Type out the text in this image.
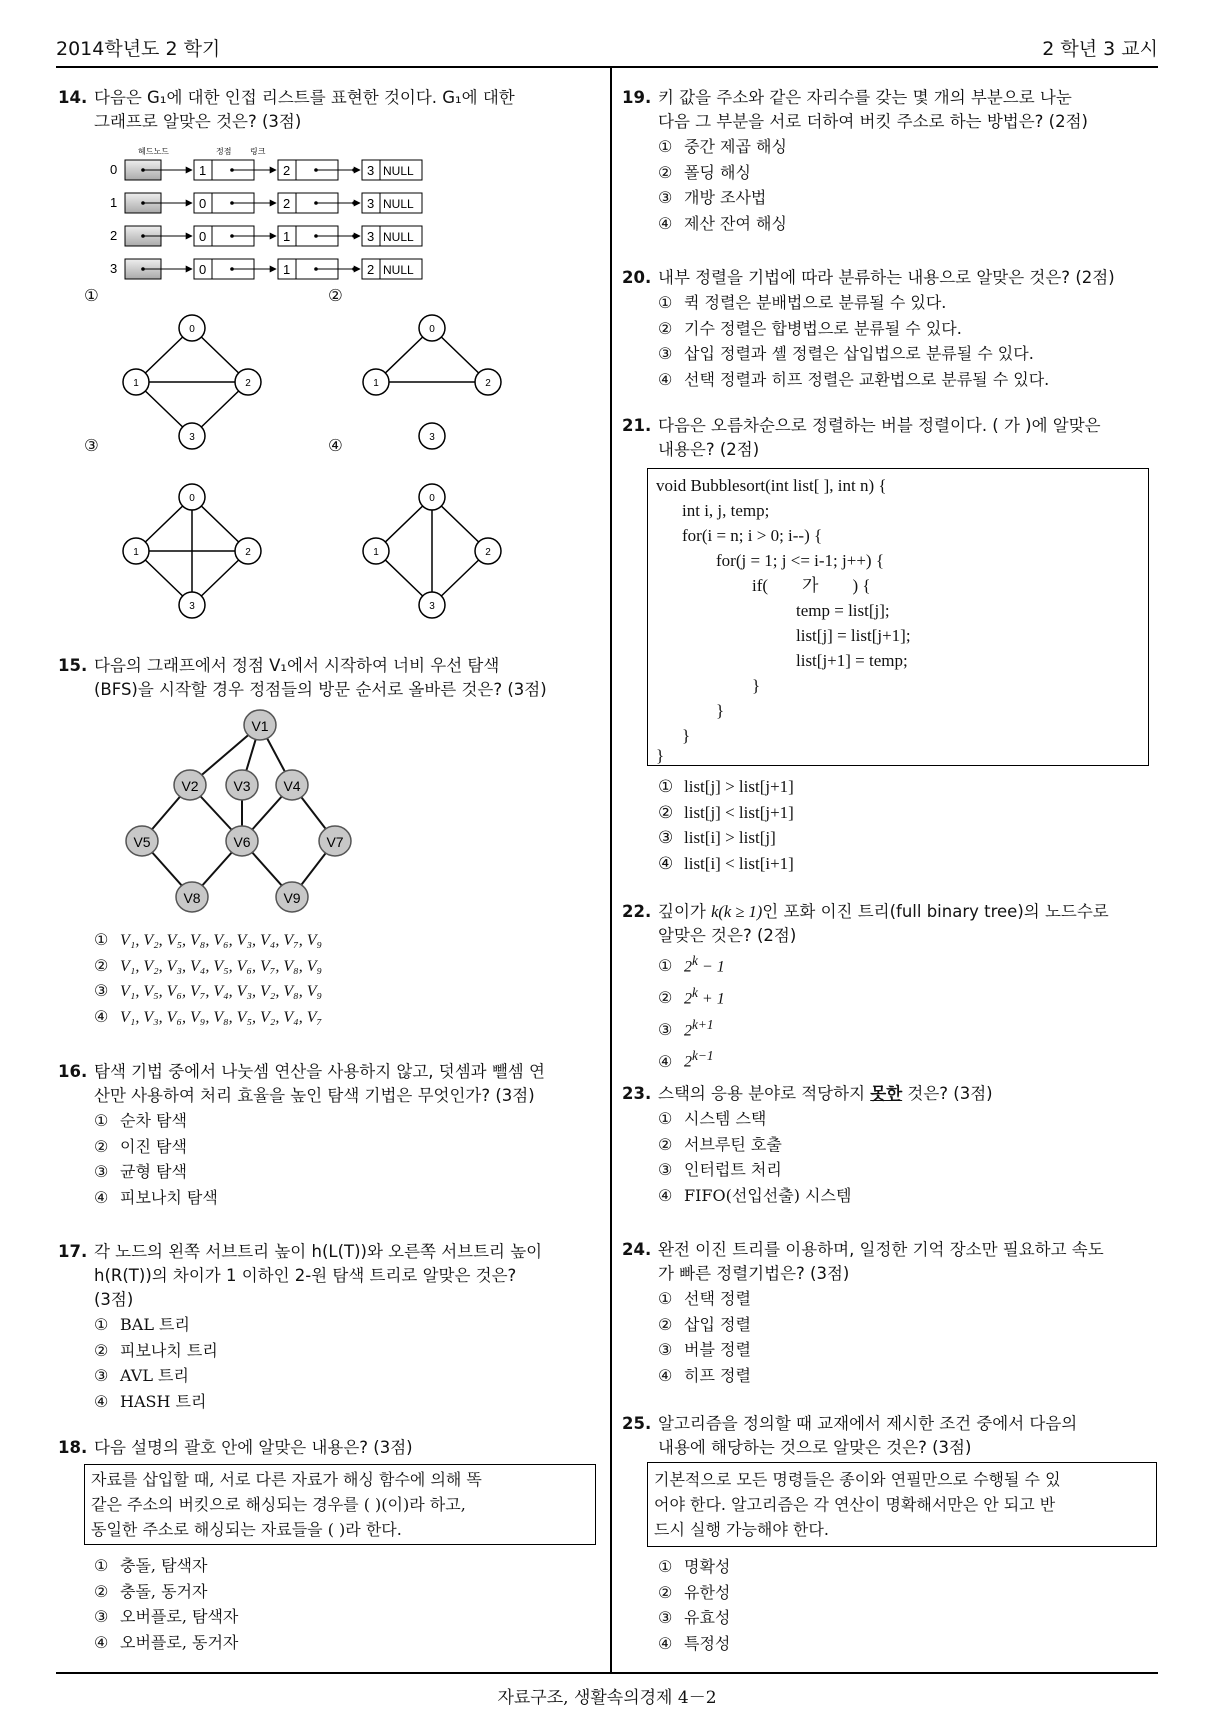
2014학년도 2 학기	2 학년 3 교시
14. 다음은 G₁에 대한 인접 리스트를 표현한 것이다. G₁에 대한
그래프로 알맞은 것은? (3점)
헤드노드	정점 링크
0	1	2	3 NULL
1	0	2	3 NULL
2	0	1	3 NULL
3	0	1	2 NULL
①	②
③	④
0
1	2
3
0
1	2
3
0
1	2
3
0
1	2
3
15. 다음의 그래프에서 정점 V₁에서 시작하여 너비 우선 탐색
(BFS)을 시작할 경우 정점들의 방문 순서로 올바른 것은? (3점)
V1
V2 V3 V4
V5	V6	V7
V8	V9
① V₁, V₂, V₅, V₈, V₆, V₃, V₄, V₇, V₉
② V₁, V₂, V₃, V₄, V₅, V₆, V₇, V₈, V₉
③ V₁, V₅, V₆, V₇, V₄, V₃, V₂, V₈, V₉
④ V₁, V₃, V₆, V₉, V₈, V₅, V₂, V₄, V₇
16. 탐색 기법 중에서 나눗셈 연산을 사용하지 않고, 덧셈과 뺄셈 연
산만 사용하여 처리 효율을 높인 탐색 기법은 무엇인가? (3점)
① 순차 탐색
② 이진 탐색
③ 균형 탐색
④ 피보나치 탐색
17. 각 노드의 왼쪽 서브트리 높이 h(L(T))와 오른쪽 서브트리 높이
h(R(T))의 차이가 1 이하인 2-원 탐색 트리로 알맞은 것은?
(3점)
① BAL 트리
② 피보나치 트리
③ AVL 트리
④ HASH 트리
18. 다음 설명의 괄호 안에 알맞은 내용은? (3점)
자료를 삽입할 때, 서로 다른 자료가 해싱 함수에 의해 똑
같은 주소의 버킷으로 해싱되는 경우를 ( )(이)라 하고,
동일한 주소로 해싱되는 자료들을 ( )라 한다.
① 충돌, 탐색자
② 충돌, 동거자
③ 오버플로, 탐색자
④ 오버플로, 동거자
19. 키 값을 주소와 같은 자리수를 갖는 몇 개의 부분으로 나눈
다음 그 부분을 서로 더하여 버킷 주소로 하는 방법은? (2점)
① 중간 제곱 해싱
② 폴딩 해싱
③ 개방 조사법
④ 제산 잔여 해싱
20. 내부 정렬을 기법에 따라 분류하는 내용으로 알맞은 것은? (2점)
① 퀵 정렬은 분배법으로 분류될 수 있다.
② 기수 정렬은 합병법으로 분류될 수 있다.
③ 삽입 정렬과 셸 정렬은 삽입법으로 분류될 수 있다.
④ 선택 정렬과 히프 정렬은 교환법으로 분류될 수 있다.
21. 다음은 오름차순으로 정렬하는 버블 정렬이다. ( 가 )에 알맞은
내용은? (2점)
void Bubblesort(int list[ ], int n) {
int i, j, temp;
for(i = n; i > 0; i--) {
for(j = 1; j <= i-1; j++) {
if(        가        ) {
temp = list[j];
list[j] = list[j+1];
list[j+1] = temp;
}
}
}
}
① list[j] > list[j+1]
② list[j] < list[j+1]
③ list[i] > list[j]
④ list[i] < list[i+1]
22. 깊이가 k(k ≥ 1)인 포화 이진 트리(full binary tree)의 노드수로
알맞은 것은? (2점)
① $2^k - 1$
② $2^k + 1$
③ $2^{k+1}$
④ $2^{k-1}$
23. 스택의 응용 분야로 적당하지 못한 것은? (3점)
① 시스템 스택
② 서브루틴 호출
③ 인터럽트 처리
④ FIFO(선입선출) 시스템
24. 완전 이진 트리를 이용하며, 일정한 기억 장소만 필요하고 속도
가 빠른 정렬기법은? (3점)
① 선택 정렬
② 삽입 정렬
③ 버블 정렬
④ 히프 정렬
25. 알고리즘을 정의할 때 교재에서 제시한 조건 중에서 다음의
내용에 해당하는 것으로 알맞은 것은? (3점)
기본적으로 모든 명령들은 종이와 연필만으로 수행될 수 있
어야 한다. 알고리즘은 각 연산이 명확해서만은 안 되고 반
드시 실행 가능해야 한다.
① 명확성
② 유한성
③ 유효성
④ 특정성
자료구조, 생활속의경제 4－2
